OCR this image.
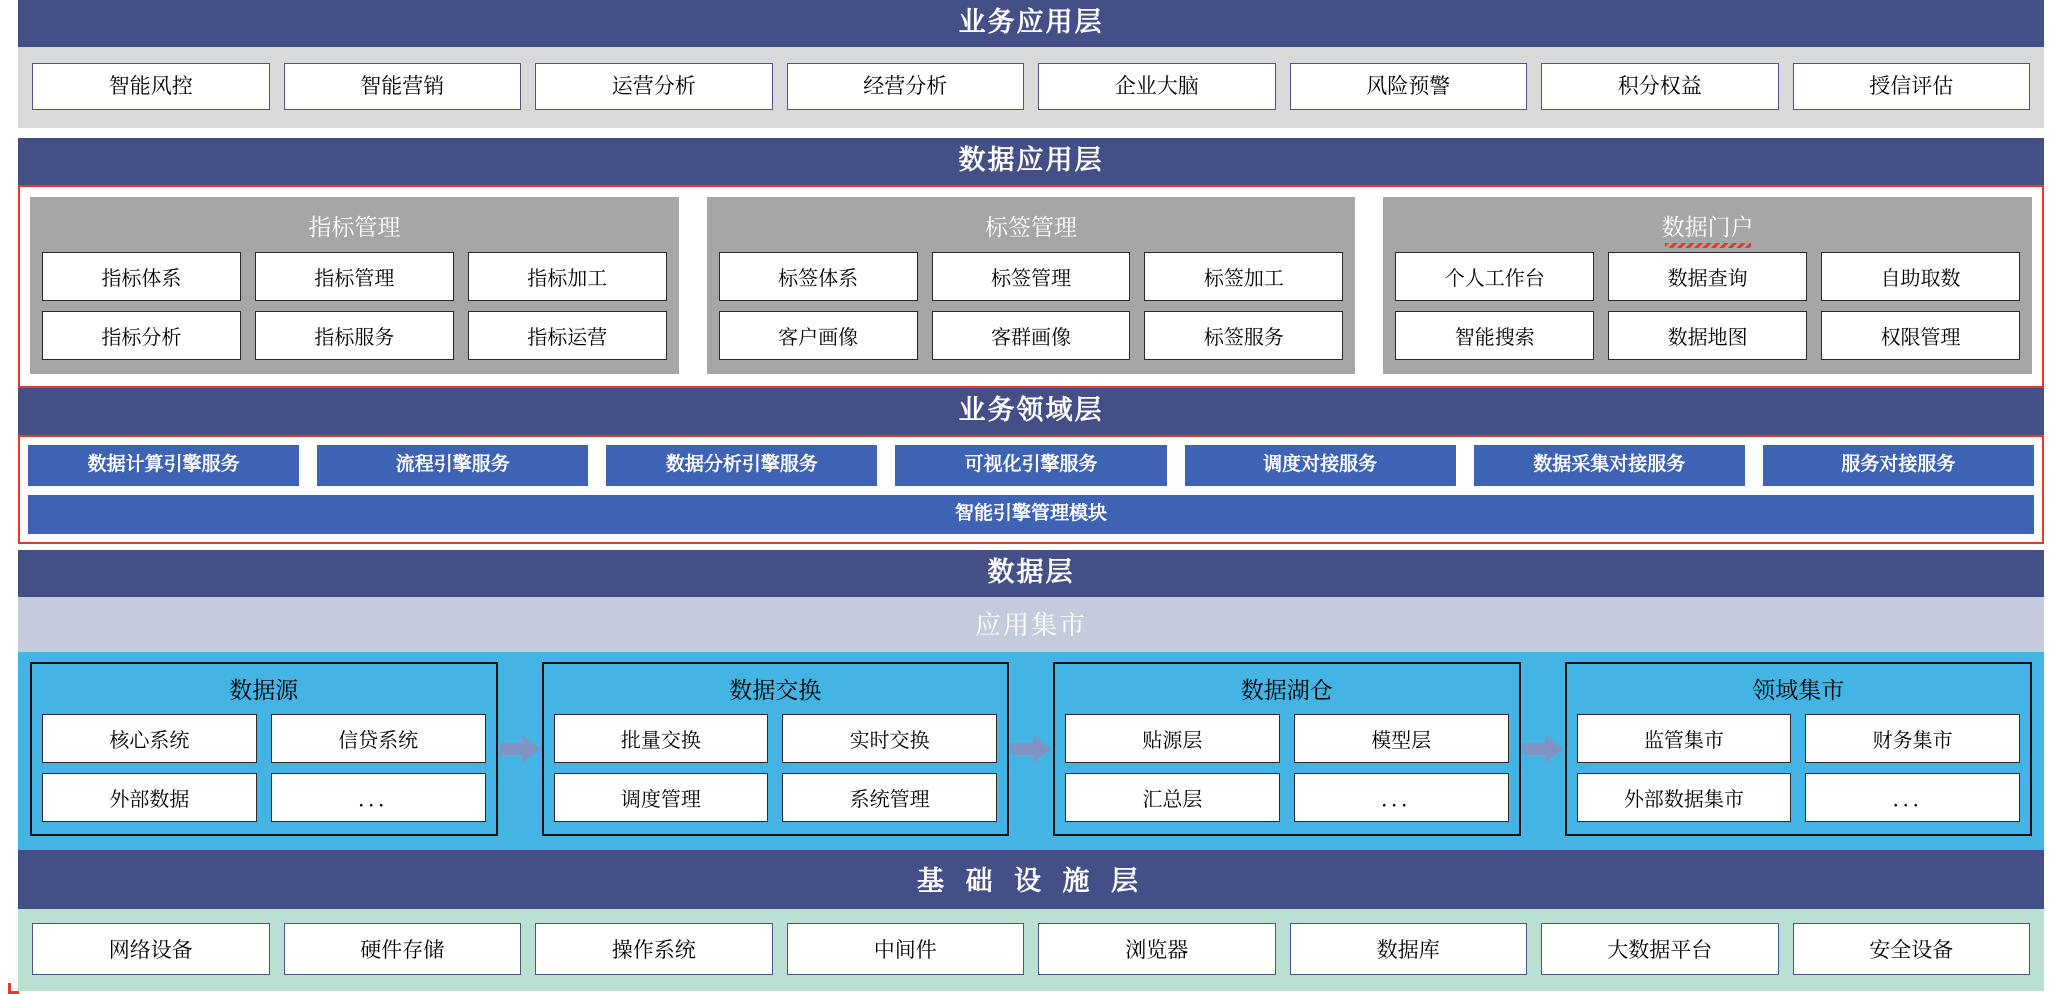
业务应用层
智能风控	智能营销	运营分析	经营分析	企业大脑	风险预警	积分权益	授信评估
数据应用层
指标管理
指标体系	指标管理	指标加工
指标分析	指标服务	指标运营
标签管理
标签体系	标签管理	标签加工
客户画像	客群画像	标签服务
数据门户
个人工作台	数据查询	自助取数
智能搜索	数据地图	权限管理
业务领域层
数据计算引擎服务	流程引擎服务	数据分析引擎服务	可视化引擎服务	调度对接服务	数据采集对接服务	服务对接服务
智能引擎管理模块
数据层
应用集市
数据源
核心系统	信贷系统
外部数据	．．．
数据交换
批量交换	实时交换
调度管理	系统管理
数据湖仓
贴源层	模型层
汇总层	．．．
领域集市
监管集市	财务集市
外部数据集市	．．．
基 础 设 施 层
网络设备	硬件存储	操作系统	中间件	浏览器	数据库	大数据平台	安全设备
